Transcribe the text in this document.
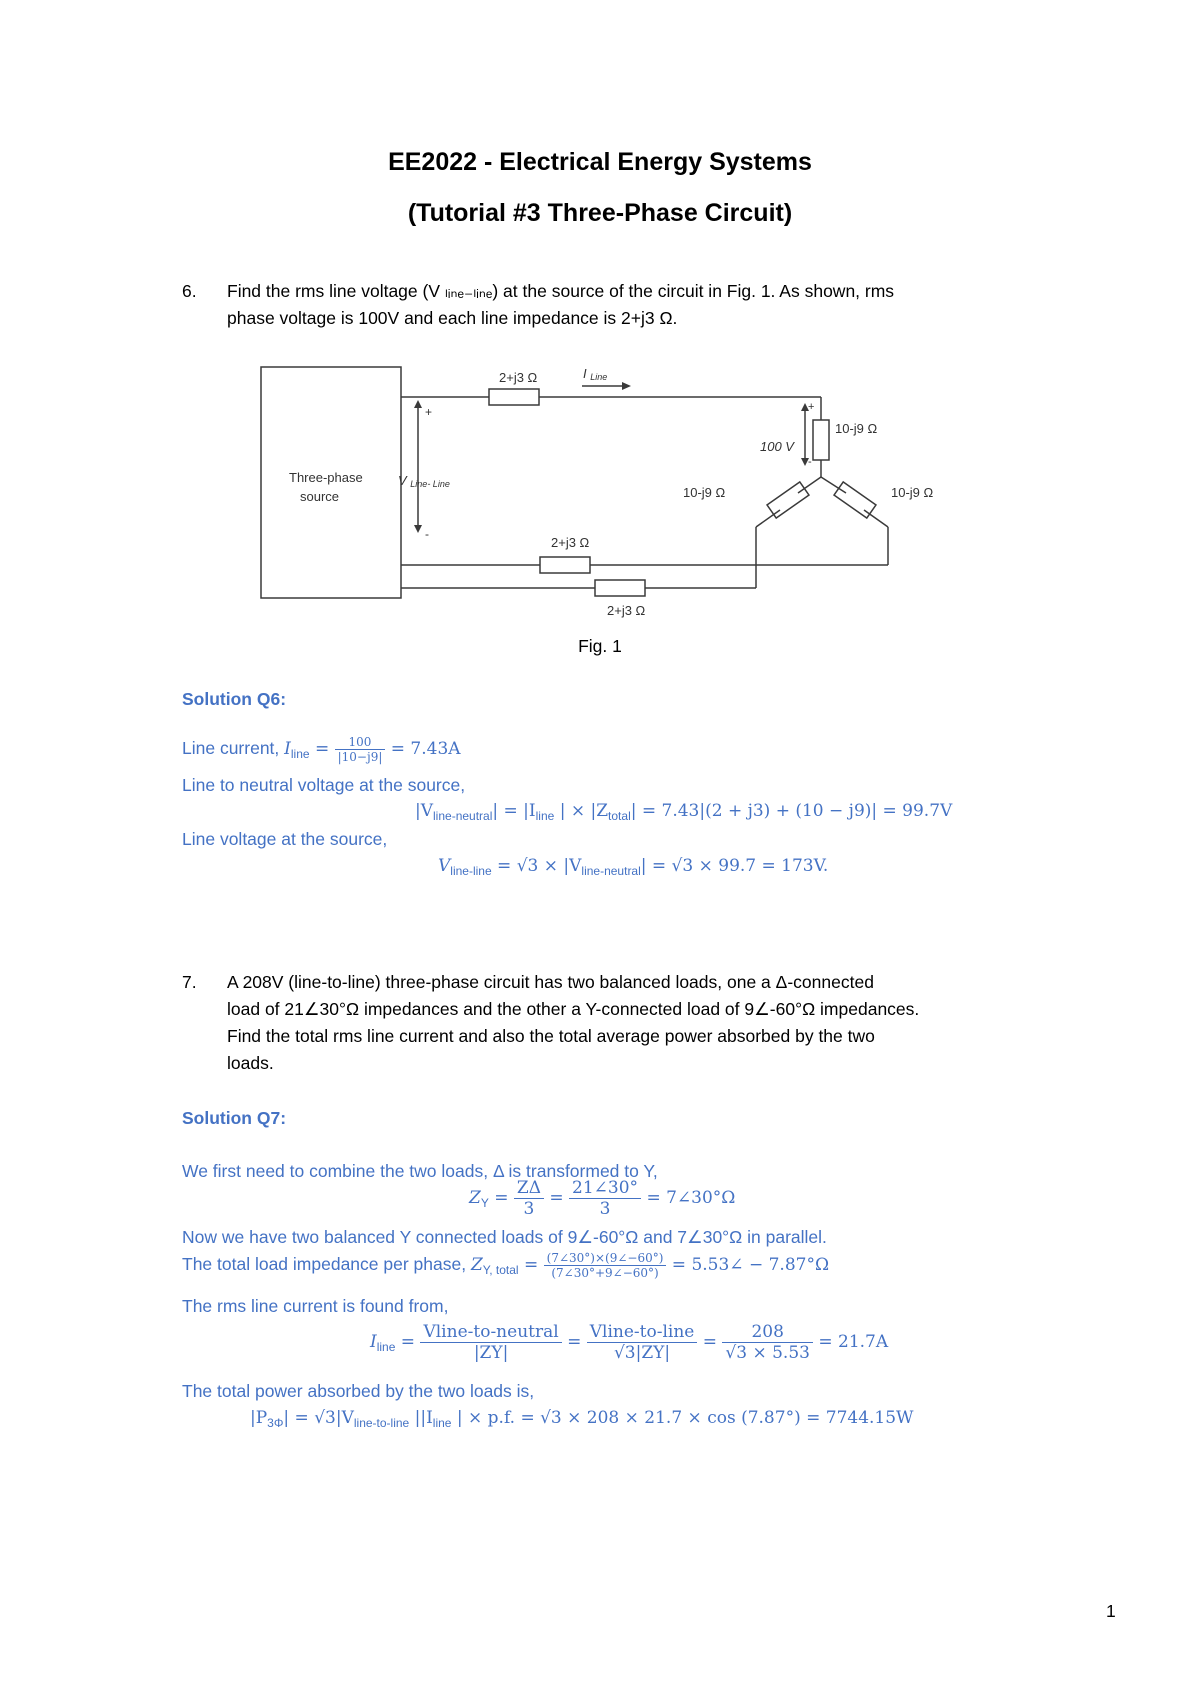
EE2022 - Electrical Energy Systems
(Tutorial #3 Three-Phase Circuit)
6. Find the rms line voltage (V ₗᵢₙₑ₋ₗᵢₙₑ) at the source of the circuit in Fig. 1. As shown, rms
phase voltage is 100V and each line impedance is 2+j3 Ω.
Three-phase
source
2+j3 Ω
2+j3 Ω
2+j3 Ω
10-j9 Ω
10-j9 Ω	10-j9 Ω
I Line
V Line- Line
100 V
+
-
+
-
Fig. 1
Solution Q6:
Line current, $I_{line} = \frac{100}{|10-j9|} = 7.43A$
Line to neutral voltage at the source,
$|V_{line-neutral}| = |I_{line}$ | × $|Z_{total}| = 7.43|(2 + j3) + (10 - j9)| = 99.7V$
Line voltage at the source,
$V_{line-line} = √3 \times |V_{line-neutral}| = √3 \times 99.7 = 173V$.
7. A 208V (line-to-line) three-phase circuit has two balanced loads, one a Δ-connected
load of 21∠30°Ω impedances and the other a Y-connected load of 9∠-60°Ω impedances.
Find the total rms line current and also the total average power absorbed by the two
loads.
Solution Q7:
We first need to combine the two loads, Δ is transformed to Y,
$Z_Y = \frac{Z\Delta}{3} = \frac{21\angle 30^\circ}{3}$ = 7∠30°Ω
Now we have two balanced Y connected loads of 9∠-60°Ω and 7∠30°Ω in parallel.
The total load impedance per phase, $Z_{Y, total} = \frac{(7\angle 30^\circ)\times(9\angle-60^\circ)}{(7\angle 30^\circ+9\angle-60^\circ)}$ = 5.53∠ − 7.87°Ω
The rms line current is found from,
$I_{line} = \frac{\text{Vline-to-neutral}}{|ZY|} = \frac{\text{Vline-to-line}}{√3|ZY|} = \frac{208}{√3 \times 5.53} = 21.7A$
The total power absorbed by the two loads is,
$|P_{3\Phi}| = √3|V_{line-to-line}$ $||I_{line}$ | × p.f. = √3 × 208 × 21.7 × cos (7.87°) = 7744.15W
1
